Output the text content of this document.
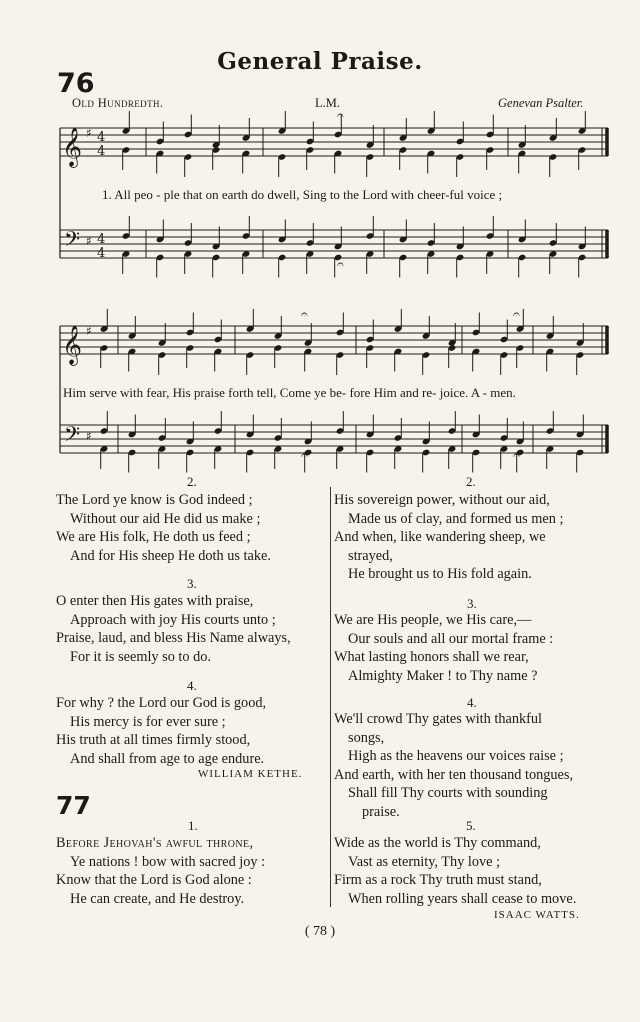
General Praise.
76
Old Hundredth.	L.M.	Genevan Psalter.
𝄞
𝄢
♯
♯
4
4
4
4
𝄞
𝄢
♯
♯
𝄐
𝄐
𝄐	𝄐
𝄐	𝄐
1. All peo - ple that on earth do dwell, Sing to the Lord with cheer-ful voice ;
Him serve with fear, His praise forth tell, Come ye be- fore Him and re- joice. A - men.
2.
The Lord ye know is God indeed ;
Without our aid He did us make ;
We are His folk, He doth us feed ;
And for His sheep He doth us take.
3.
O enter then His gates with praise,
Approach with joy His courts unto ;
Praise, laud, and bless His Name always,
For it is seemly so to do.
4.
For why ? the Lord our God is good,
His mercy is for ever sure ;
His truth at all times firmly stood,
And shall from age to age endure.
WILLIAM KETHE.
77
1.
Before Jehovah's awful throne,
Ye nations ! bow with sacred joy :
Know that the Lord is God alone :
He can create, and He destroy.
2.
His sovereign power, without our aid,
Made us of clay, and formed us men ;
And when, like wandering sheep, we
strayed,
He brought us to His fold again.
3.
We are His people, we His care,—
Our souls and all our mortal frame :
What lasting honors shall we rear,
Almighty Maker ! to Thy name ?
4.
We'll crowd Thy gates with thankful
songs,
High as the heavens our voices raise ;
And earth, with her ten thousand tongues,
Shall fill Thy courts with sounding
praise.
5.
Wide as the world is Thy command,
Vast as eternity, Thy love ;
Firm as a rock Thy truth must stand,
When rolling years shall cease to move.
ISAAC WATTS.
( 78 )
